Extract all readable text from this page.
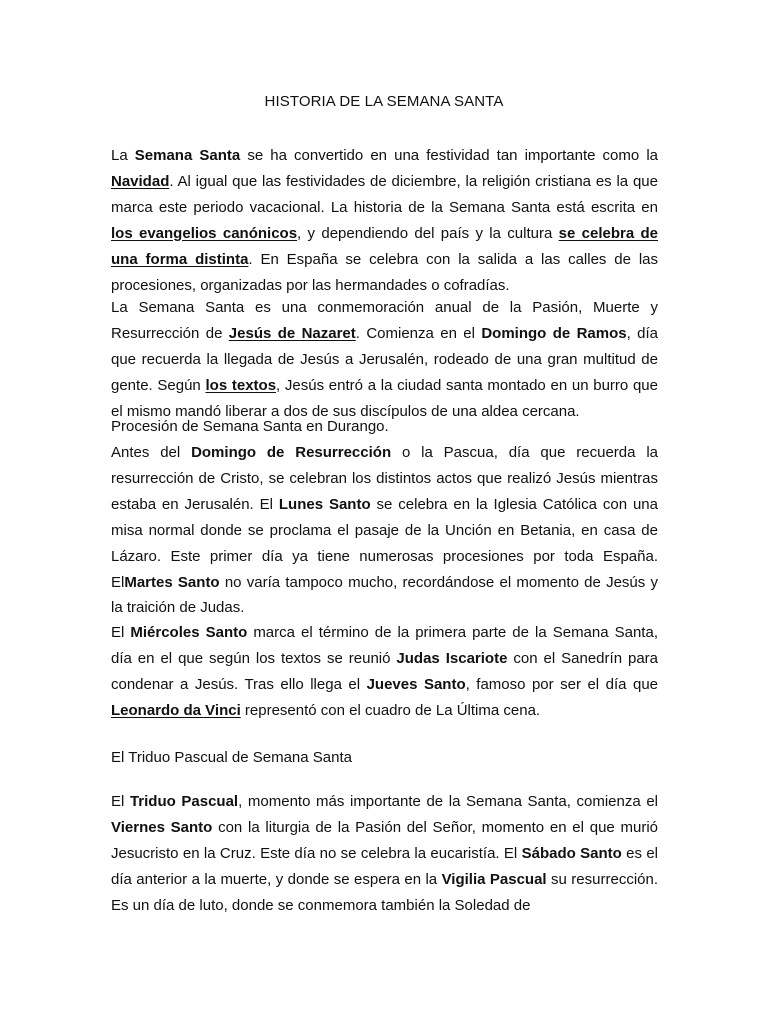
HISTORIA DE LA SEMANA SANTA
La Semana Santa se ha convertido en una festividad tan importante como la Navidad. Al igual que las festividades de diciembre, la religión cristiana es la que marca este periodo vacacional. La historia de la Semana Santa está escrita en los evangelios canónicos, y dependiendo del país y la cultura se celebra de una forma distinta. En España se celebra con la salida a las calles de las procesiones, organizadas por las hermandades o cofradías.
La Semana Santa es una conmemoración anual de la Pasión, Muerte y Resurrección de Jesús de Nazaret. Comienza en el Domingo de Ramos, día que recuerda la llegada de Jesús a Jerusalén, rodeado de una gran multitud de gente. Según los textos, Jesús entró a la ciudad santa montado en un burro que el mismo mandó liberar a dos de sus discípulos de una aldea cercana.
Procesión de Semana Santa en Durango.
Antes del Domingo de Resurrección o la Pascua, día que recuerda la resurrección de Cristo, se celebran los distintos actos que realizó Jesús mientras estaba en Jerusalén. El Lunes Santo se celebra en la Iglesia Católica con una misa normal donde se proclama el pasaje de la Unción en Betania, en casa de Lázaro. Este primer día ya tiene numerosas procesiones por toda España. ElMartes Santo no varía tampoco mucho, recordándose el momento de Jesús y la traición de Judas.
El Miércoles Santo marca el término de la primera parte de la Semana Santa, día en el que según los textos se reunió Judas Iscariote con el Sanedrín para condenar a Jesús. Tras ello llega el Jueves Santo, famoso por ser el día que Leonardo da Vinci representó con el cuadro de La Última cena.
El Triduo Pascual de Semana Santa
El Triduo Pascual, momento más importante de la Semana Santa, comienza el Viernes Santo con la liturgia de la Pasión del Señor, momento en el que murió Jesucristo en la Cruz. Este día no se celebra la eucaristía. El Sábado Santo es el día anterior a la muerte, y donde se espera en la Vigilia Pascual su resurrección. Es un día de luto, donde se conmemora también la Soledad de
